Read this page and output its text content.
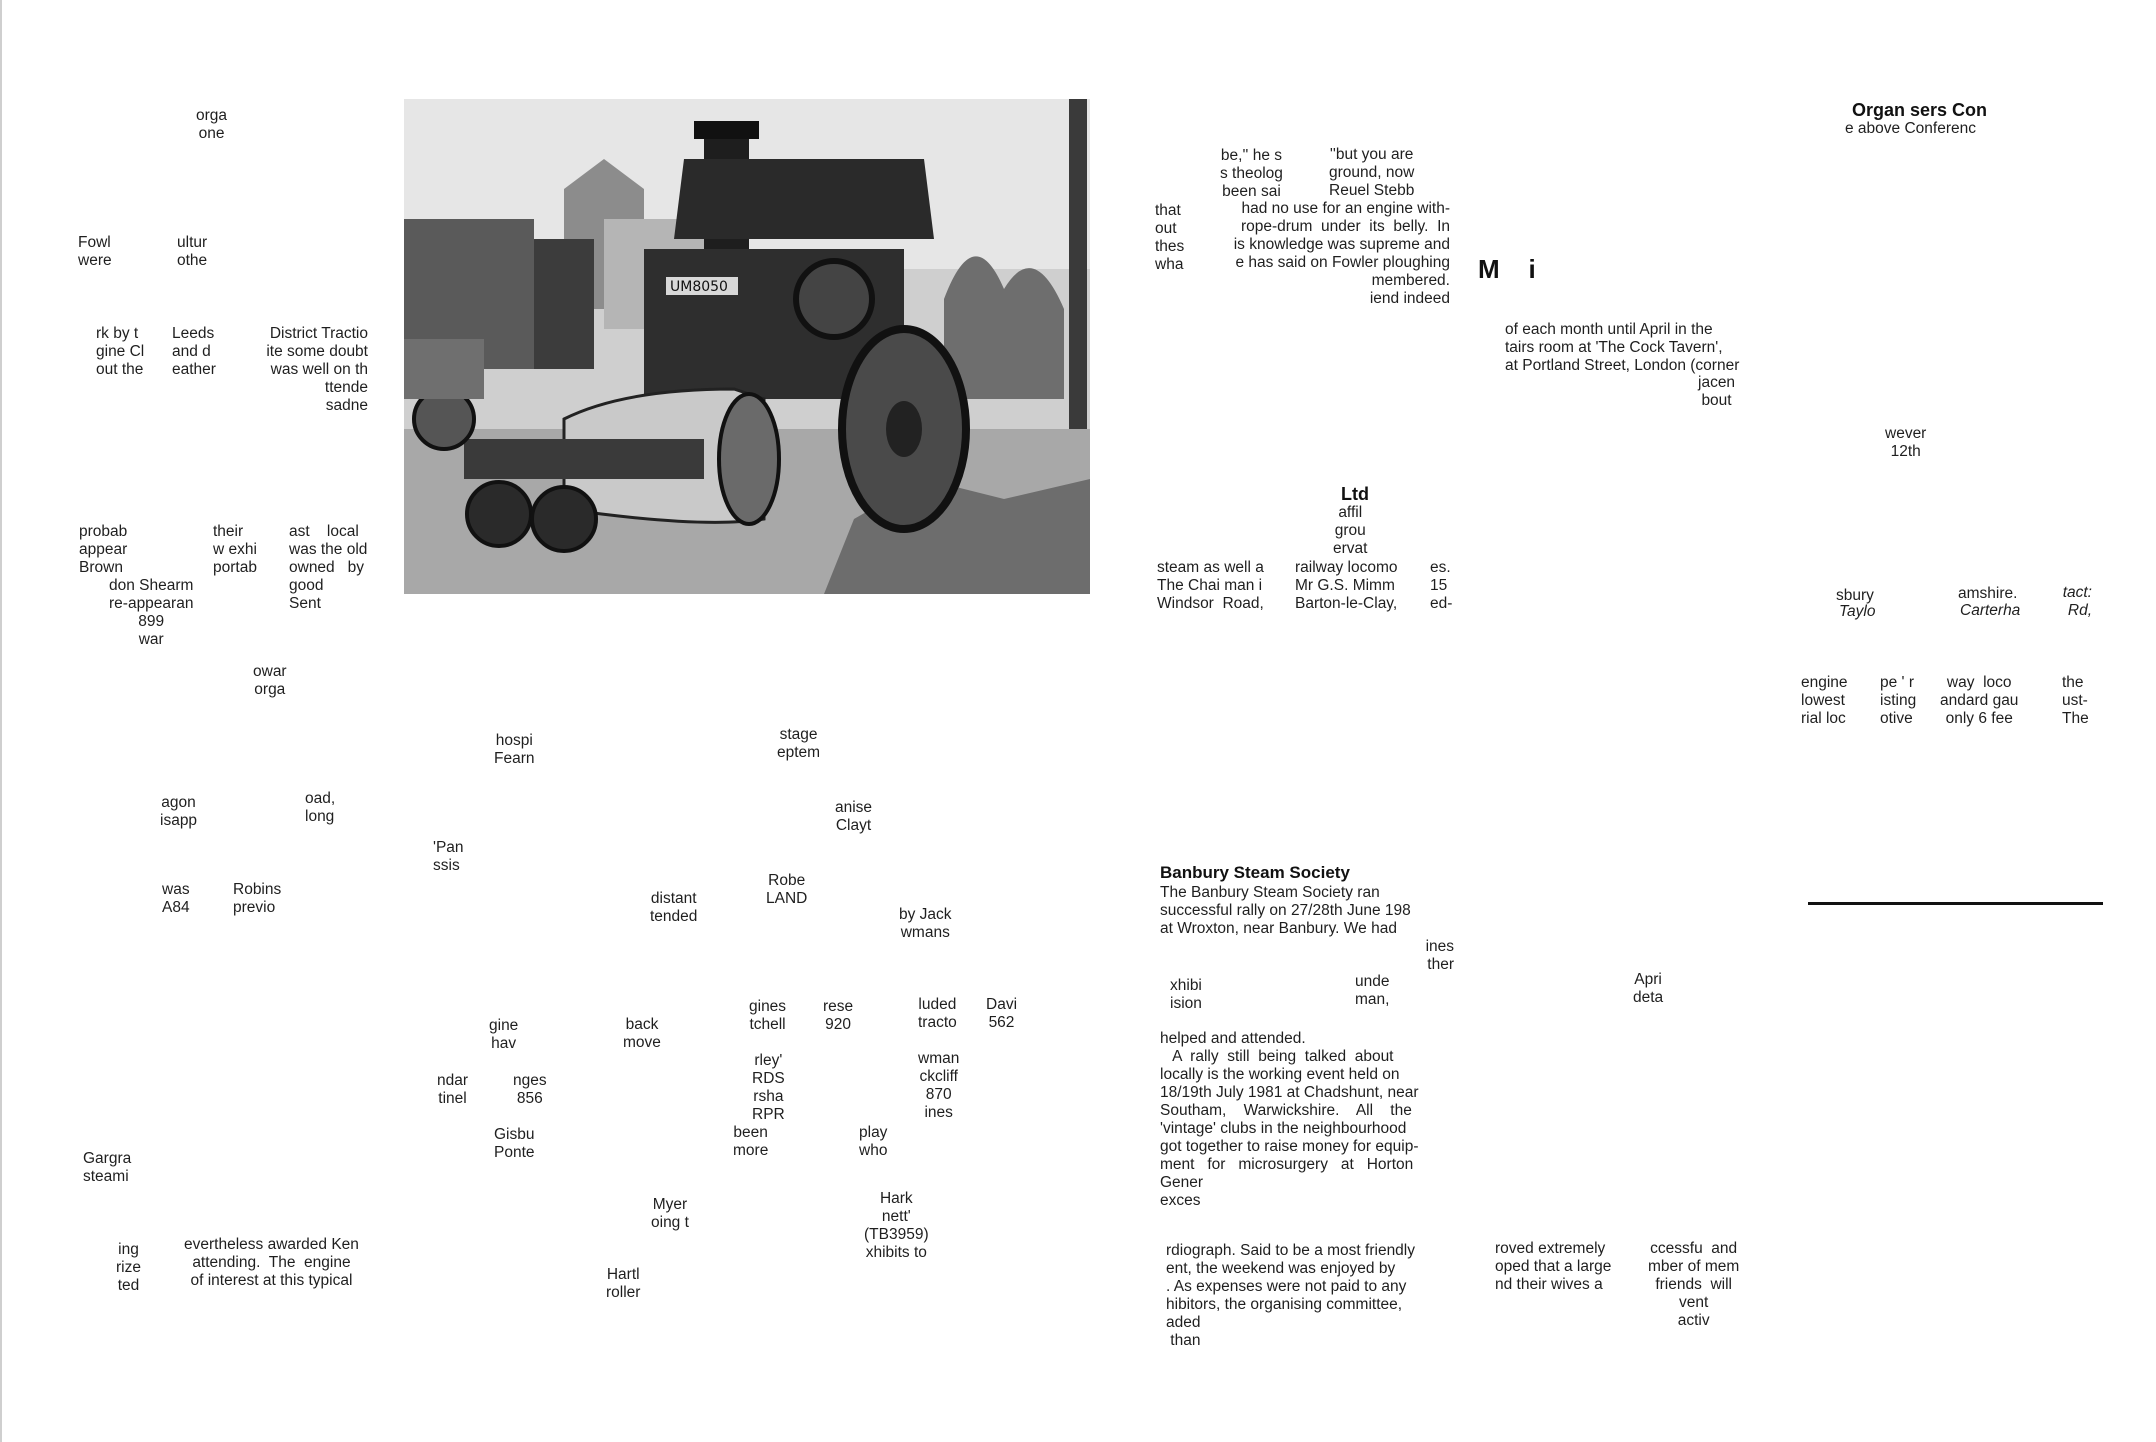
orga
one
Fowl
were
ultur
othe
rk by t
gine Cl
out the
Leeds
and d
eather
District Tractio
ite some doubt
was well on th
ttende
sadne
probab
appear
Brown
their
w exhi
portab
ast    local
was the old
owned   by
good
Sent
don Shearm
re-appearan
899
war
owar
orga
agon
isapp
oad,
long
was
A84
Robins
previo
Gargra
steami
ing
rize
ted
evertheless awarded Ken
attending.  The  engine
of interest at this typical
UM8050
hospi
Fearn
'Pan
ssis
stage
eptem
anise
Clayt
Robe
LAND
distant
tended	by Jack
wmans
gine
hav
back
move
gines
tchell
rese
920
luded
tracto
Davi
562
ndar
tinel
nges
856
rley'
RDS
rsha
RPR
wman
ckcliff
870
ines
Gisbu
Ponte
been
more
play
who
Myer
oing t
Hark
nett'
(TB3959)
xhibits to
Hartl
roller
be,'' he s
s theolog
been sai
''but you are
ground, now
Reuel Stebb
that
out
thes
wha
had no use for an engine with-
rope-drum  under  its  belly.  In
is knowledge was supreme and
e has said on Fowler ploughing
membered.
iend indeed
M    i
Ltd
affil
grou
ervat
steam as well a
The Chai man i
Windsor  Road,
railway locomo
Mr G.S. Mimm
Barton-le-Clay,
es.
15
ed-
Banbury Steam Society
The Banbury Steam Society ran
successful rally on 27/28th June 198
at Wroxton, near Banbury. We had
ines
ther
xhibi
ision
unde
man,
helped and attended.
A  rally  still  being  talked  about
locally is the working event held on
18/19th July 1981 at Chadshunt, near
Southam,    Warwickshire.    All    the
'vintage' clubs in the neighbourhood
got together to raise money for equip-
ment   for   microsurgery   at   Horton
Gener
exces
rdiograph. Said to be a most friendly
ent, the weekend was enjoyed by
. As expenses were not paid to any
hibitors, the organising committee,
aded
than
Organ sers Con
e above Conferenc
of each month until April in the
tairs room at 'The Cock Tavern',
at Portland Street, London (corner
jacen
bout
wever
12th
sbury
Taylo
amshire.
Carterha
tact:
Rd,
engine
lowest
rial loc
pe ' r
isting
otive
way  loco
andard gau
only 6 fee
the
ust-
The
Apri
deta
roved extremely
oped that a large
nd their wives a
ccessfu  and
mber of mem
friends  will
vent
activ
